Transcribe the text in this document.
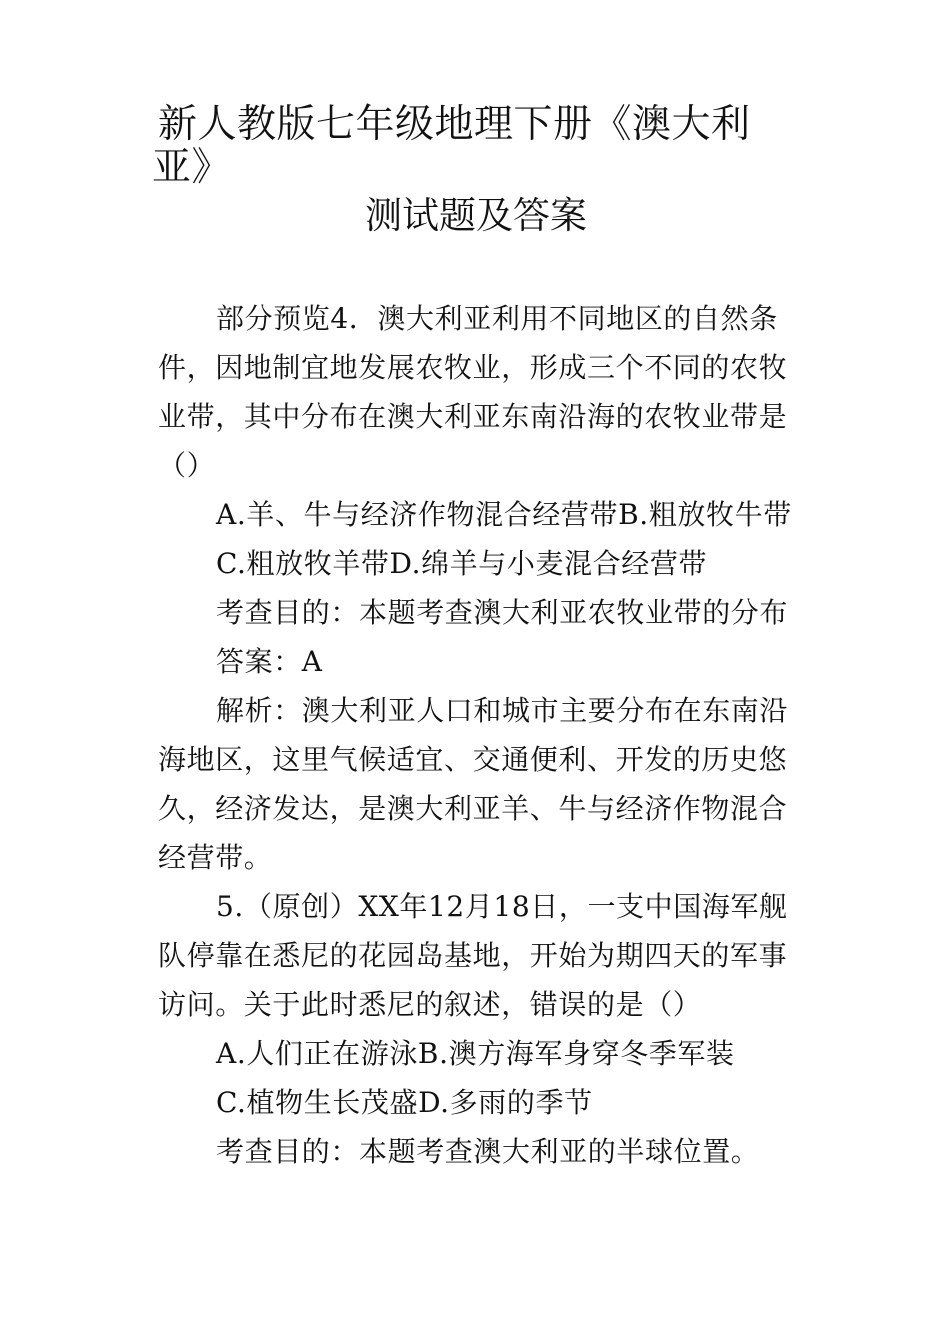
新人教版七年级地理下册《澳大利
亚》
测试题及答案
部分预览4．澳大利亚利用不同地区的自然条
件，因地制宜地发展农牧业，形成三个不同的农牧
业带，其中分布在澳大利亚东南沿海的农牧业带是
（）
A.羊、牛与经济作物混合经营带B.粗放牧牛带
C.粗放牧羊带D.绵羊与小麦混合经营带
考查目的：本题考查澳大利亚农牧业带的分布
答案：A
解析：澳大利亚人口和城市主要分布在东南沿
海地区，这里气候适宜、交通便利、开发的历史悠
久，经济发达，是澳大利亚羊、牛与经济作物混合
经营带。
5.（原创）XX年12月18日，一支中国海军舰
队停靠在悉尼的花园岛基地，开始为期四天的军事
访问。关于此时悉尼的叙述，错误的是（）
A.人们正在游泳B.澳方海军身穿冬季军装
C.植物生长茂盛D.多雨的季节
考查目的：本题考查澳大利亚的半球位置。
